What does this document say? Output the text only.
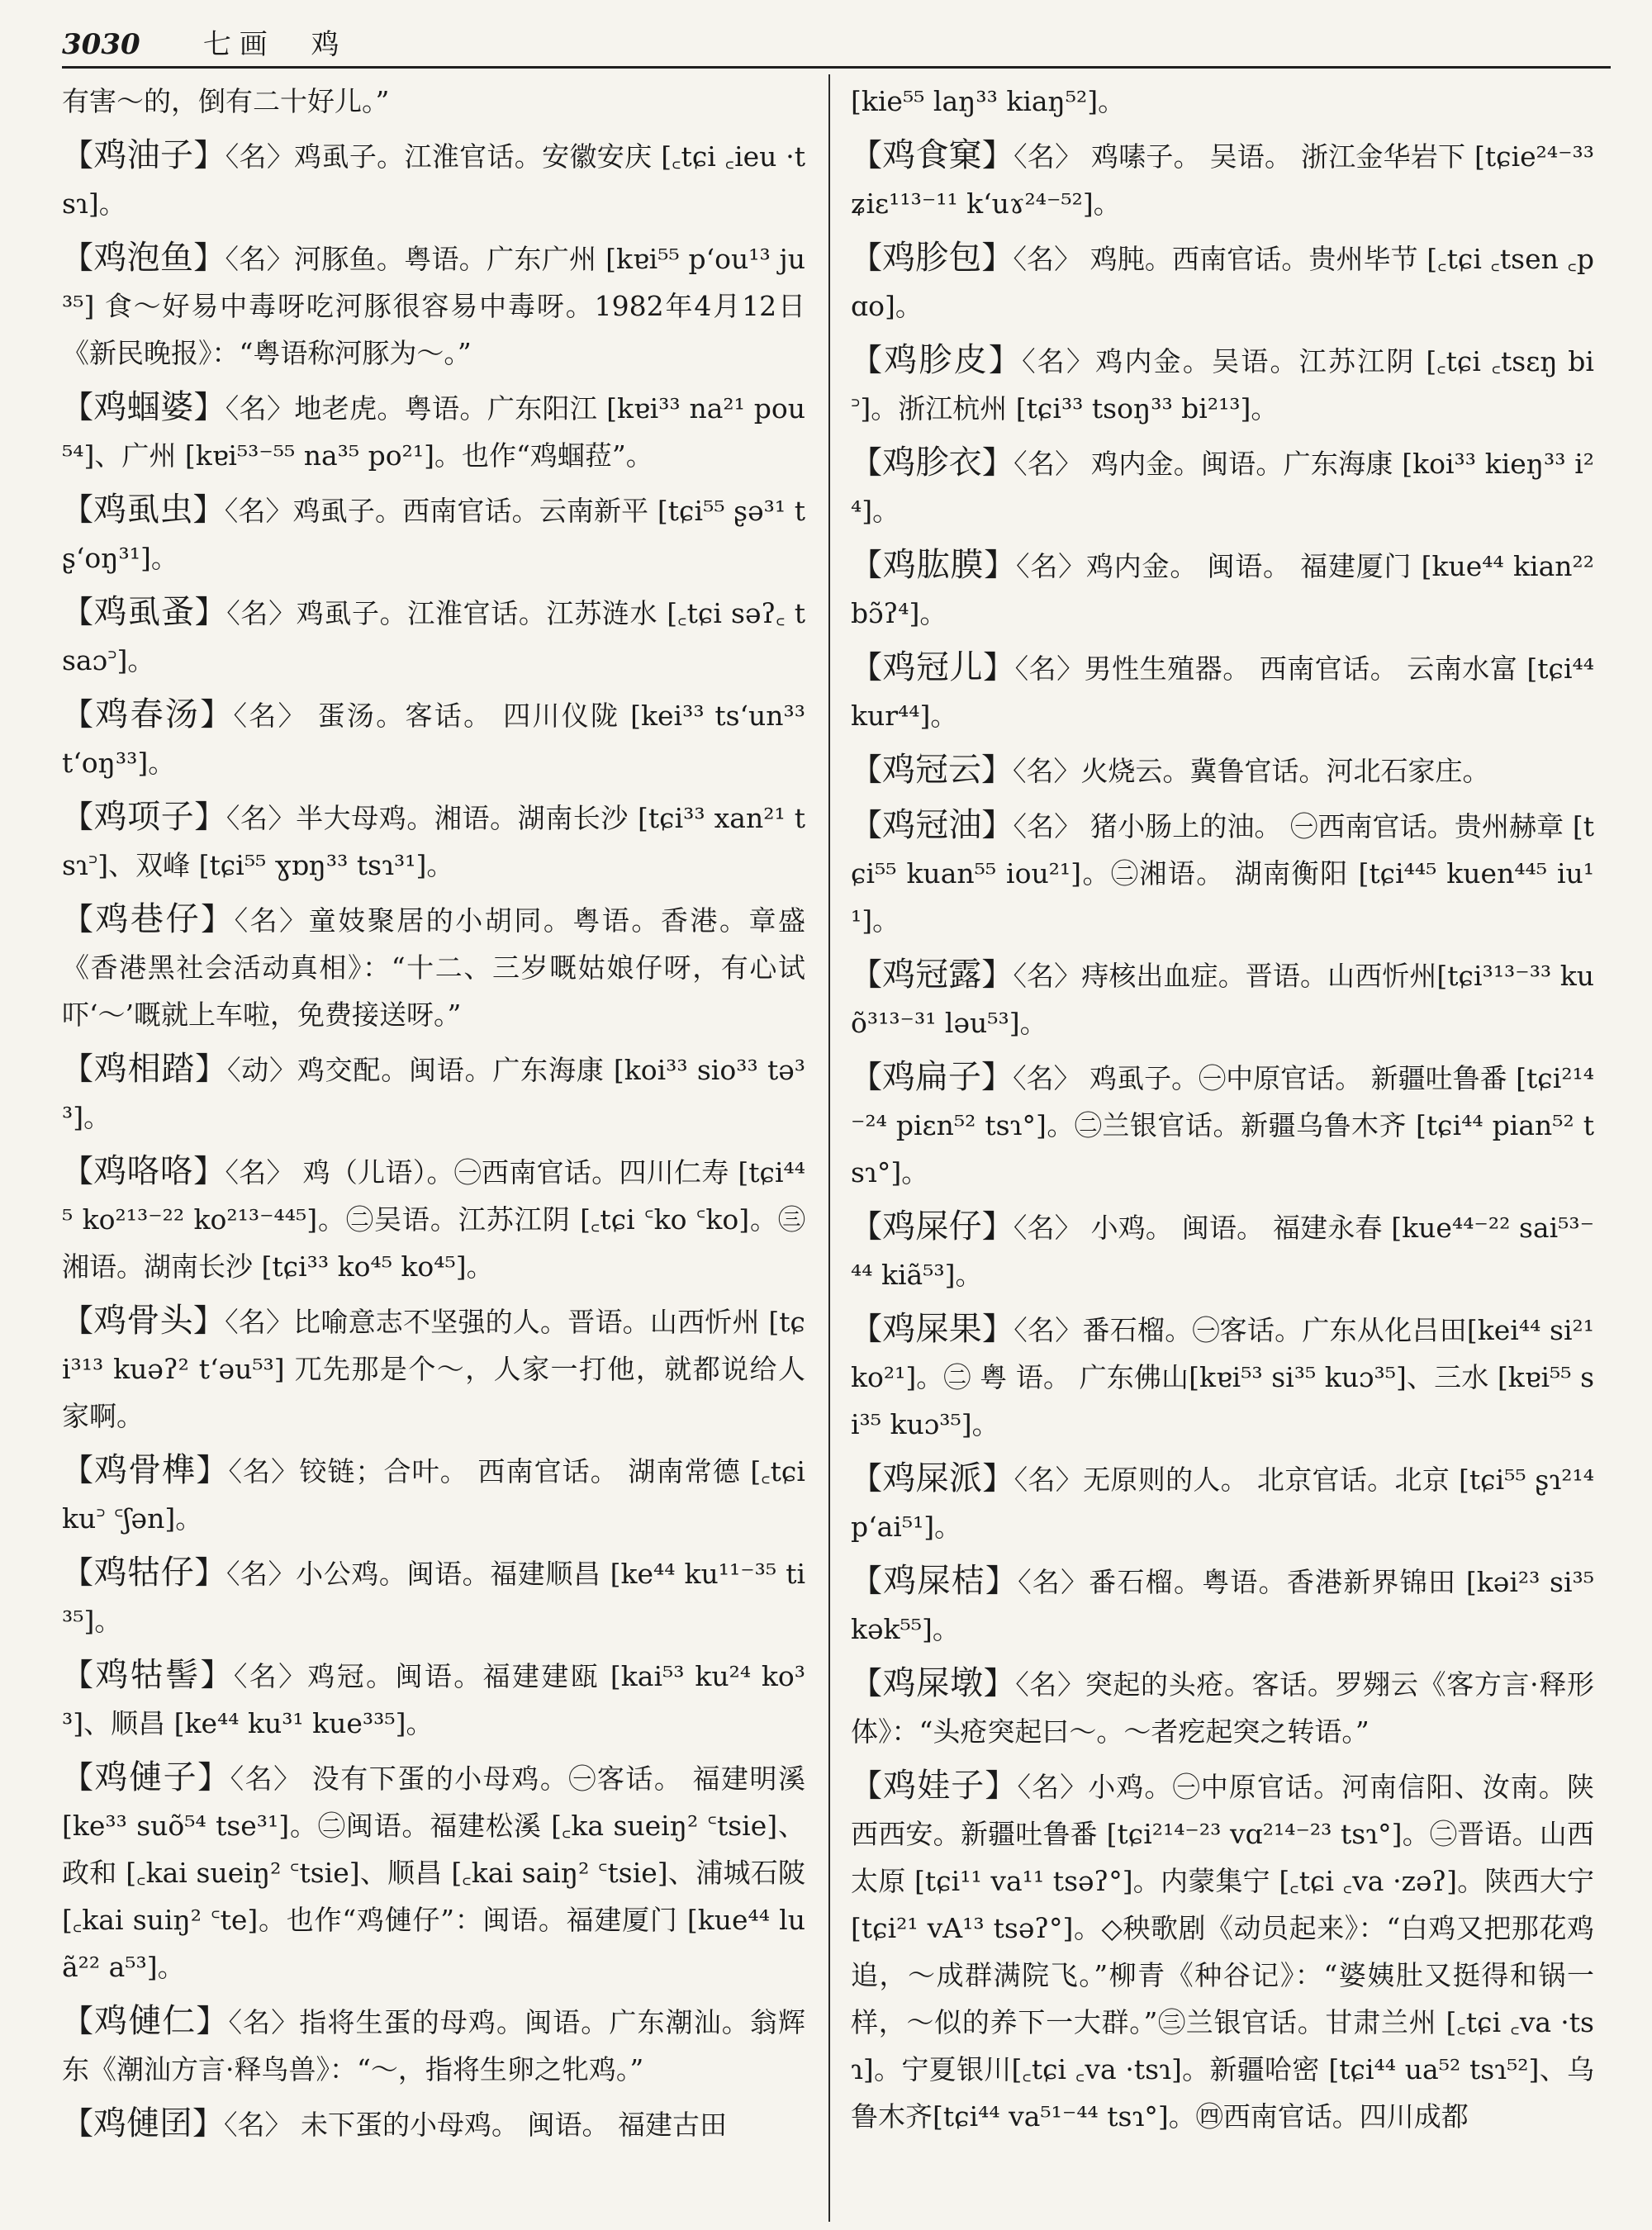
3030 七画 鸡
有害～的，倒有二十好儿。”
【鸡油子】〈名〉鸡虱子。江淮官话。安徽安庆 [꜀tɕi ꜀ieu ·tsɿ]。
【鸡泡鱼】〈名〉河豚鱼。粤语。广东广州 [kɐi⁵⁵ p‘ou¹³ ju³⁵] 食～好易中毒呀吃河豚很容易中毒呀。1982年4月12日《新民晚报》：“粤语称河豚为～。”
【鸡蝈婆】〈名〉地老虎。粤语。广东阳江 [kɐi³³ na²¹ pou⁵⁴]、广州 [kɐi⁵³⁻⁵⁵ na³⁵ po²¹]。也作“鸡蝈菈”。
【鸡虱虫】〈名〉鸡虱子。西南官话。云南新平 [tɕi⁵⁵ ʂə³¹ tʂ‘oŋ³¹]。
【鸡虱蚤】〈名〉鸡虱子。江淮官话。江苏涟水 [꜀tɕi səʔ꜀ tsaɔ꜄]。
【鸡春汤】〈名〉 蛋汤。客话。 四川仪陇 [kei³³ ts‘un³³ t‘oŋ³³]。
【鸡项子】〈名〉半大母鸡。湘语。湖南长沙 [tɕi³³ xan²¹ tsɿ꜄]、双峰 [tɕi⁵⁵ ɣɒŋ³³ tsɿ³¹]。
【鸡巷仔】〈名〉童妓聚居的小胡同。粤语。香港。章盛《香港黑社会活动真相》：“十二、三岁嘅姑娘仔呀，有心试吓‘～’嘅就上车啦，免费接送呀。”
【鸡相踏】〈动〉鸡交配。闽语。广东海康 [koi³³ sio³³ tə³³]。
【鸡咯咯】〈名〉 鸡（儿语）。㊀西南官话。四川仁寿 [tɕi⁴⁴⁵ ko²¹³⁻²² ko²¹³⁻⁴⁴⁵]。㊁吴语。江苏江阴 [꜀tɕi ꜂ko ꜂ko]。㊂湘语。湖南长沙 [tɕi³³ ko⁴⁵ ko⁴⁵]。
【鸡骨头】〈名〉比喻意志不坚强的人。晋语。山西忻州 [tɕi³¹³ kuəʔ² t‘əu⁵³] 兀先那是个～，人家一打他，就都说给人家啊。
【鸡骨榫】〈名〉铰链；合叶。 西南官话。 湖南常德 [꜀tɕi ku꜄ ꜂ʃən]。
【鸡牯仔】〈名〉小公鸡。闽语。福建顺昌 [ke⁴⁴ ku¹¹⁻³⁵ ti³⁵]。
【鸡牯髻】〈名〉鸡冠。闽语。福建建瓯 [kai⁵³ ku²⁴ ko³³]、顺昌 [ke⁴⁴ ku³¹ kue³³⁵]。
【鸡僆子】〈名〉 没有下蛋的小母鸡。㊀客话。 福建明溪 [ke³³ suõ⁵⁴ tse³¹]。㊁闽语。福建松溪 [꜀ka sueiŋ² ꜂tsie]、政和 [꜀kai sueiŋ² ꜂tsie]、顺昌 [꜀kai saiŋ² ꜂tsie]、浦城石陂 [꜀kai suiŋ² ꜂te]。也作“鸡僆仔”：闽语。福建厦门 [kue⁴⁴ luã²² a⁵³]。
【鸡僆仁】〈名〉指将生蛋的母鸡。闽语。广东潮汕。翁辉东《潮汕方言·释鸟兽》：“～，指将生卵之牝鸡。”
【鸡僆囝】〈名〉 未下蛋的小母鸡。 闽语。 福建古田
[kie⁵⁵ laŋ³³ kiaŋ⁵²]。
【鸡食窠】〈名〉 鸡嗉子。 吴语。 浙江金华岩下 [tɕie²⁴⁻³³ ʑiɛ¹¹³⁻¹¹ k‘uɤ²⁴⁻⁵²]。
【鸡胗包】〈名〉 鸡肫。西南官话。贵州毕节 [꜀tɕi ꜀tsen ꜀pɑo]。
【鸡胗皮】〈名〉鸡内金。吴语。江苏江阴 [꜀tɕi ꜀tsɛŋ bi꜄]。浙江杭州 [tɕi³³ tsoŋ³³ bi²¹³]。
【鸡胗衣】〈名〉 鸡内金。闽语。广东海康 [koi³³ kieŋ³³ i²⁴]。
【鸡肱膜】〈名〉鸡内金。 闽语。 福建厦门 [kue⁴⁴ kian²² bɔ̃ʔ⁴]。
【鸡冠儿】〈名〉男性生殖器。 西南官话。 云南水富 [tɕi⁴⁴ kur⁴⁴]。
【鸡冠云】〈名〉火烧云。冀鲁官话。河北石家庄。
【鸡冠油】〈名〉 猪小肠上的油。 ㊀西南官话。贵州赫章 [tɕi⁵⁵ kuan⁵⁵ iou²¹]。㊁湘语。 湖南衡阳 [tɕi⁴⁴⁵ kuen⁴⁴⁵ iu¹¹]。
【鸡冠露】〈名〉痔核出血症。晋语。山西忻州[tɕi³¹³⁻³³ kuõ³¹³⁻³¹ ləu⁵³]。
【鸡扁子】〈名〉 鸡虱子。㊀中原官话。 新疆吐鲁番 [tɕi²¹⁴⁻²⁴ piɛn⁵² tsɿ°]。㊁兰银官话。新疆乌鲁木齐 [tɕi⁴⁴ pian⁵² tsɿ°]。
【鸡屎仔】〈名〉 小鸡。 闽语。 福建永春 [kue⁴⁴⁻²² sai⁵³⁻⁴⁴ kiã⁵³]。
【鸡屎果】〈名〉番石榴。㊀客话。广东从化吕田[kei⁴⁴ si²¹ ko²¹]。㊁ 粤 语。 广东佛山[kɐi⁵³ si³⁵ kuɔ³⁵]、三水 [kɐi⁵⁵ si³⁵ kuɔ³⁵]。
【鸡屎派】〈名〉无原则的人。 北京官话。北京 [tɕi⁵⁵ ʂɿ²¹⁴ p‘ai⁵¹]。
【鸡屎桔】〈名〉番石榴。粤语。香港新界锦田 [kəi²³ si³⁵ kək⁵⁵]。
【鸡屎墩】〈名〉突起的头疮。客话。罗翙云《客方言·释形体》：“头疮突起曰～。～者疙起突之转语。”
【鸡娃子】〈名〉小鸡。㊀中原官话。河南信阳、汝南。陕西西安。新疆吐鲁番 [tɕi²¹⁴⁻²³ vɑ²¹⁴⁻²³ tsɿ°]。㊁晋语。山西太原 [tɕi¹¹ va¹¹ tsəʔ°]。内蒙集宁 [꜀tɕi ꜀va ·zəʔ]。陕西大宁 [tɕi²¹ vA¹³ tsəʔ°]。◇秧歌剧《动员起来》：“白鸡又把那花鸡追，～成群满院飞。”柳青《种谷记》：“婆姨肚又挺得和锅一样，～似的养下一大群。”㊂兰银官话。甘肃兰州 [꜀tɕi ꜀va ·tsɿ]。宁夏银川[꜀tɕi ꜀va ·tsɿ]。新疆哈密 [tɕi⁴⁴ ua⁵² tsɿ⁵²]、乌鲁木齐[tɕi⁴⁴ va⁵¹⁻⁴⁴ tsɿ°]。㊃西南官话。四川成都
